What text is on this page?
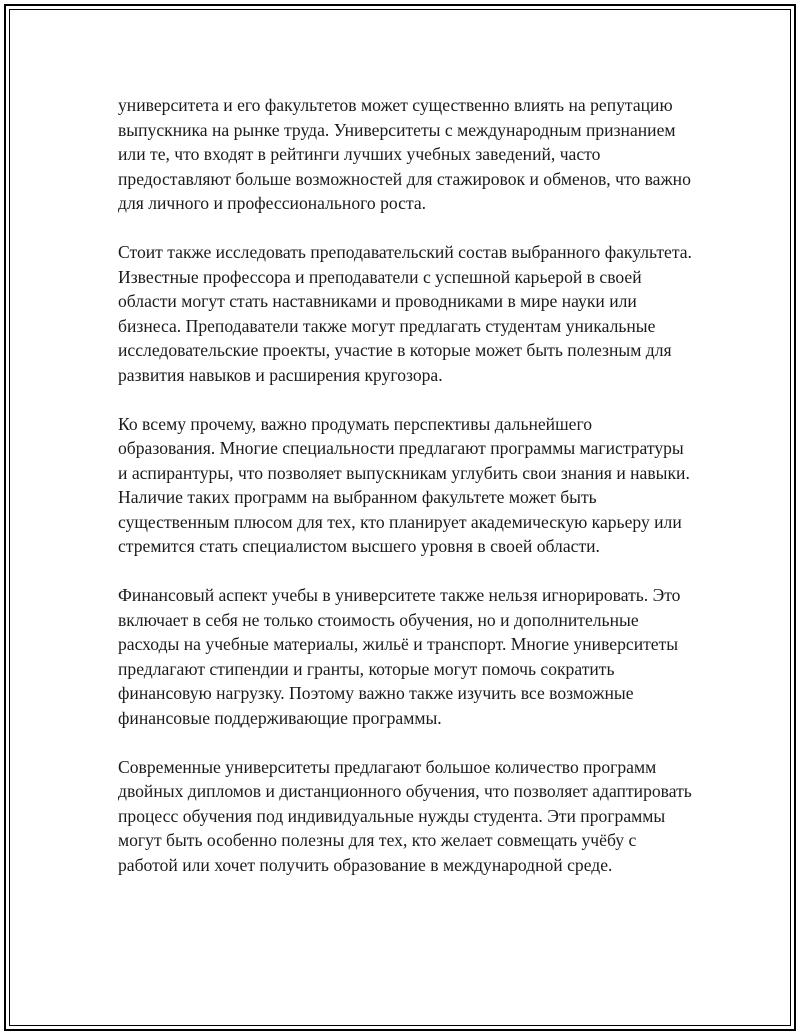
университета и его факультетов может существенно влиять на репутацию выпускника на рынке труда. Университеты с международным признанием или те, что входят в рейтинги лучших учебных заведений, часто предоставляют больше возможностей для стажировок и обменов, что важно для личного и профессионального роста.

Стоит также исследовать преподавательский состав выбранного факультета. Известные профессора и преподаватели с успешной карьерой в своей области могут стать наставниками и проводниками в мире науки или бизнеса. Преподаватели также могут предлагать студентам уникальные исследовательские проекты, участие в которые может быть полезным для развития навыков и расширения кругозора.

Ко всему прочему, важно продумать перспективы дальнейшего образования. Многие специальности предлагают программы магистратуры и аспирантуры, что позволяет выпускникам углубить свои знания и навыки. Наличие таких программ на выбранном факультете может быть существенным плюсом для тех, кто планирует академическую карьеру или стремится стать специалистом высшего уровня в своей области.

Финансовый аспект учебы в университете также нельзя игнорировать. Это включает в себя не только стоимость обучения, но и дополнительные расходы на учебные материалы, жильё и транспорт. Многие университеты предлагают стипендии и гранты, которые могут помочь сократить финансовую нагрузку. Поэтому важно также изучить все возможные финансовые поддерживающие программы.

Современные университеты предлагают большое количество программ двойных дипломов и дистанционного обучения, что позволяет адаптировать процесс обучения под индивидуальные нужды студента. Эти программы могут быть особенно полезны для тех, кто желает совмещать учёбу с работой или хочет получить образование в международной среде.
